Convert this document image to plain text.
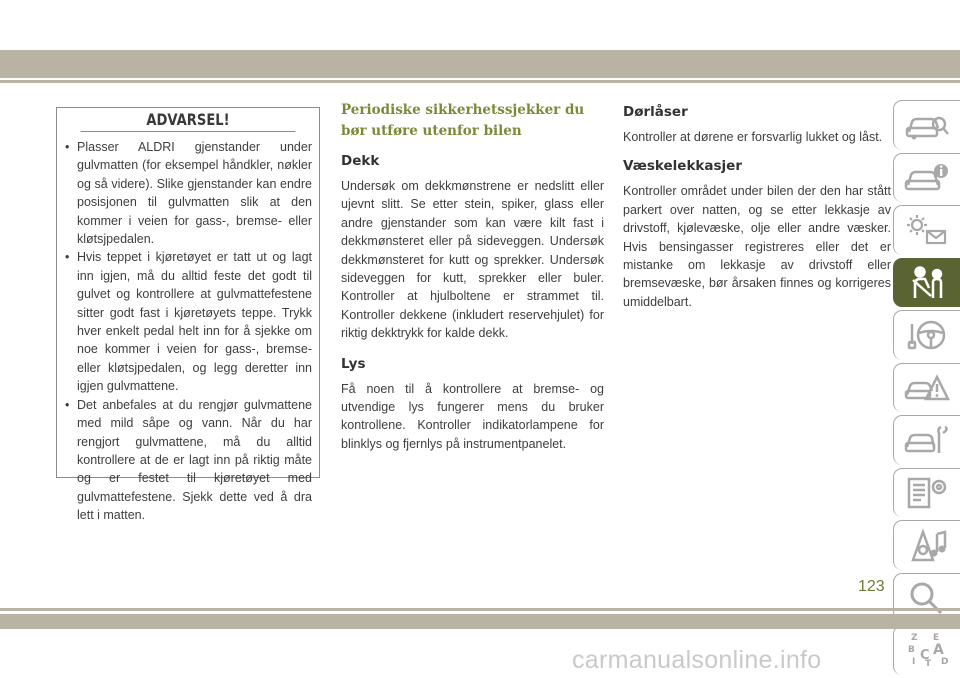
ADVARSEL!
• Plasser ALDRI gjenstander under gulvmatten (for eksempel håndkler, nøkler og så videre). Slike gjenstander kan endre posisjonen til gulvmatten slik at den kommer i veien for gass-, bremse- eller kløtsjpedalen.
• Hvis teppet i kjøretøyet er tatt ut og lagt inn igjen, må du alltid feste det godt til gulvet og kontrollere at gulvmattefestene sitter godt fast i kjøretøyets teppe. Trykk hver enkelt pedal helt inn for å sjekke om noe kommer i veien for gass-, bremse- eller kløtsjpedalen, og legg deretter inn igjen gulvmattene.
• Det anbefales at du rengjør gulvmattene med mild såpe og vann. Når du har rengjort gulvmattene, må du alltid kontrollere at de er lagt inn på riktig måte og er festet til kjøretøyet med gulvmattefestene. Sjekk dette ved å dra lett i matten.
Periodiske sikkerhetssjekker du bør utføre utenfor bilen
Dekk

Undersøk om dekkmønstrene er nedslitt eller ujevnt slitt. Se etter stein, spiker, glass eller andre gjenstander som kan være kilt fast i dekkmønsteret eller på sideveggen. Undersøk dekkmønsteret for kutt og sprekker. Undersøk sideveggen for kutt, sprekker eller buler. Kontroller at hjulboltene er strammet til. Kontroller dekkene (inkludert reservehjulet) for riktig dekktrykk for kalde dekk.

Lys

Få noen til å kontrollere at bremse- og utvendige lys fungerer mens du bruker kontrollene. Kontroller indikatorlampene for blinklys og fjernlys på instrumentpanelet.

Dørlåser

Kontroller at dørene er forsvarlig lukket og låst.

Væskelekkasjer

Kontroller området under bilen der den har stått parkert over natten, og se etter lekkasje av drivstoff, kjølevæske, olje eller andre væsker. Hvis bensingasser registreres eller det er mistanke om lekkasje av drivstoff eller bremsevæske, bør årsaken finnes og korrigeres umiddelbart.

Z E
B A
I C
T D
123
carmanualsonline.info
